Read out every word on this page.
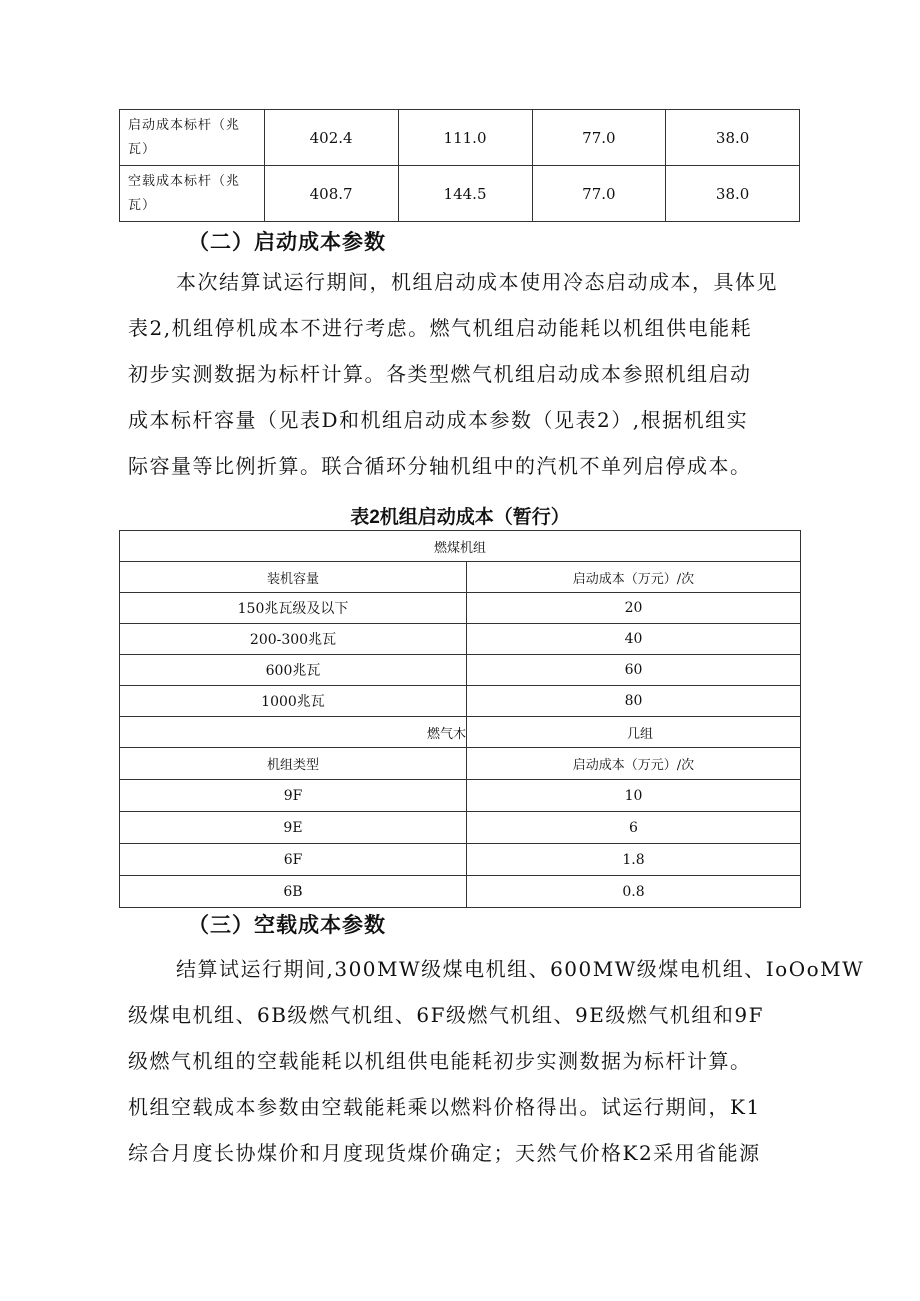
启动成本标杆（兆瓦）	402.4	111.0	77.0	38.0
空载成本标杆（兆瓦）	408.7	144.5	77.0	38.0
（二）启动成本参数
本次结算试运行期间，机组启动成本使用冷态启动成本，具体见
表2,机组停机成本不进行考虑。燃气机组启动能耗以机组供电能耗
初步实测数据为标杆计算。各类型燃气机组启动成本参照机组启动
成本标杆容量（见表D和机组启动成本参数（见表2）,根据机组实
际容量等比例折算。联合循环分轴机组中的汽机不单列启停成本。
表2机组启动成本（暂行）
燃煤机组	
装机容量	启动成本（万元）/次
150兆瓦级及以下	20
200-300兆瓦	40
600兆瓦	60
1000兆瓦	80
燃气木	几组
机组类型	启动成本（万元）/次
9F	10
9E	6
6F	1.8
6B	0.8
（三）空载成本参数
结算试运行期间,300MW级煤电机组、600MW级煤电机组、IoOoMW
级煤电机组、6B级燃气机组、6F级燃气机组、9E级燃气机组和9F
级燃气机组的空载能耗以机组供电能耗初步实测数据为标杆计算。
机组空载成本参数由空载能耗乘以燃料价格得出。试运行期间，K1
综合月度长协煤价和月度现货煤价确定；天然气价格K2采用省能源
